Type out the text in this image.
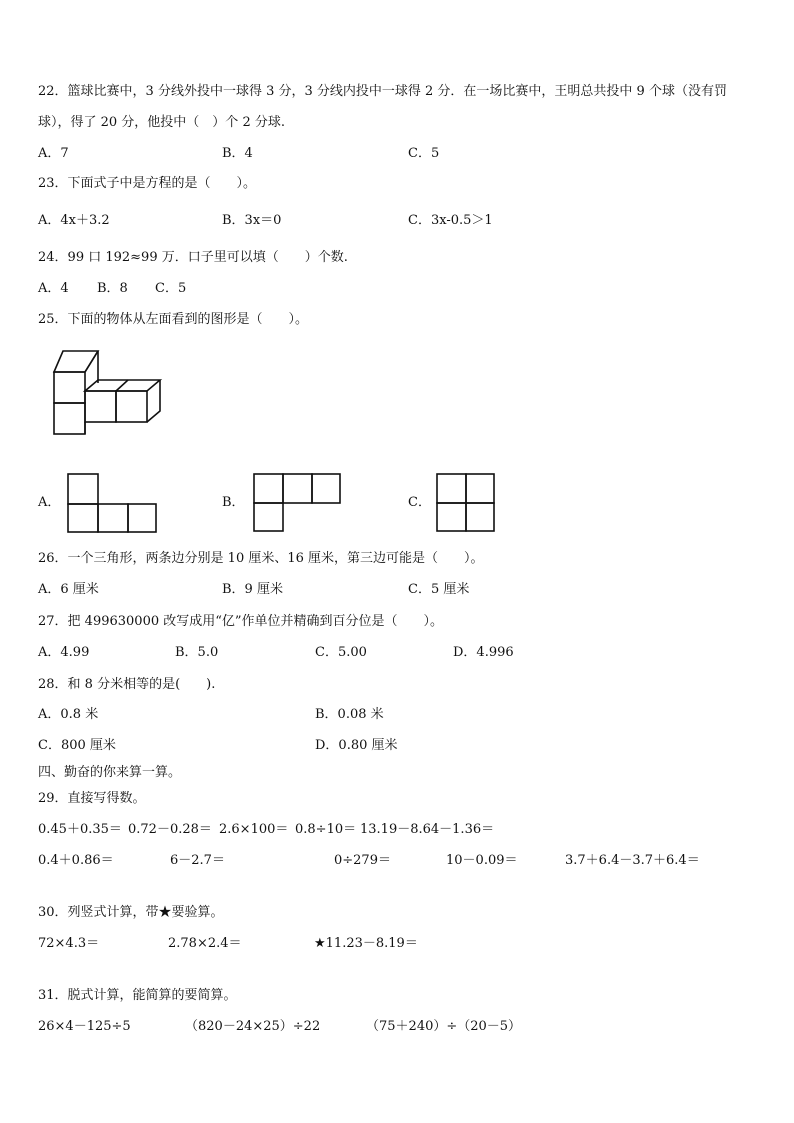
22．篮球比赛中，3 分线外投中一球得 3 分，3 分线内投中一球得 2 分．在一场比赛中，王明总共投中 9 个球（没有罚
球），得了 20 分，他投中（　）个 2 分球.
A．7	B．4	C．5
23．下面式子中是方程的是（　　）。
A．4x＋3.2	B．3x＝0	C．3x-0.5＞1
24．99 口 192≈99 万．口子里可以填（　　）个数.
A．4 B．8 C．5
25．下面的物体从左面看到的图形是（　　）。
A．	B．	C．
26．一个三角形，两条边分别是 10 厘米、16 厘米，第三边可能是（　　）。
A．6 厘米	B．9 厘米	C．5 厘米
27．把 499630000 改写成用“亿”作单位并精确到百分位是（　　）。
A．4.99	B．5.0	C．5.00	D．4.996
28．和 8 分米相等的是(　　).
A．0.8 米	B．0.08 米
C．800 厘米	D．0.80 厘米
四、勤奋的你来算一算。
29．直接写得数。
0.45＋0.35＝ 0.72－0.28＝ 2.6×100＝ 0.8÷10＝ 13.19－8.64－1.36＝
0.4＋0.86＝	6－2.7＝	0÷279＝	10－0.09＝	3.7＋6.4－3.7＋6.4＝
30．列竖式计算，带★要验算。
72×4.3＝	2.78×2.4＝	★11.23－8.19＝
31．脱式计算，能简算的要简算。
26×4－125÷5	（820－24×25）÷22	（75＋240）÷（20－5）
